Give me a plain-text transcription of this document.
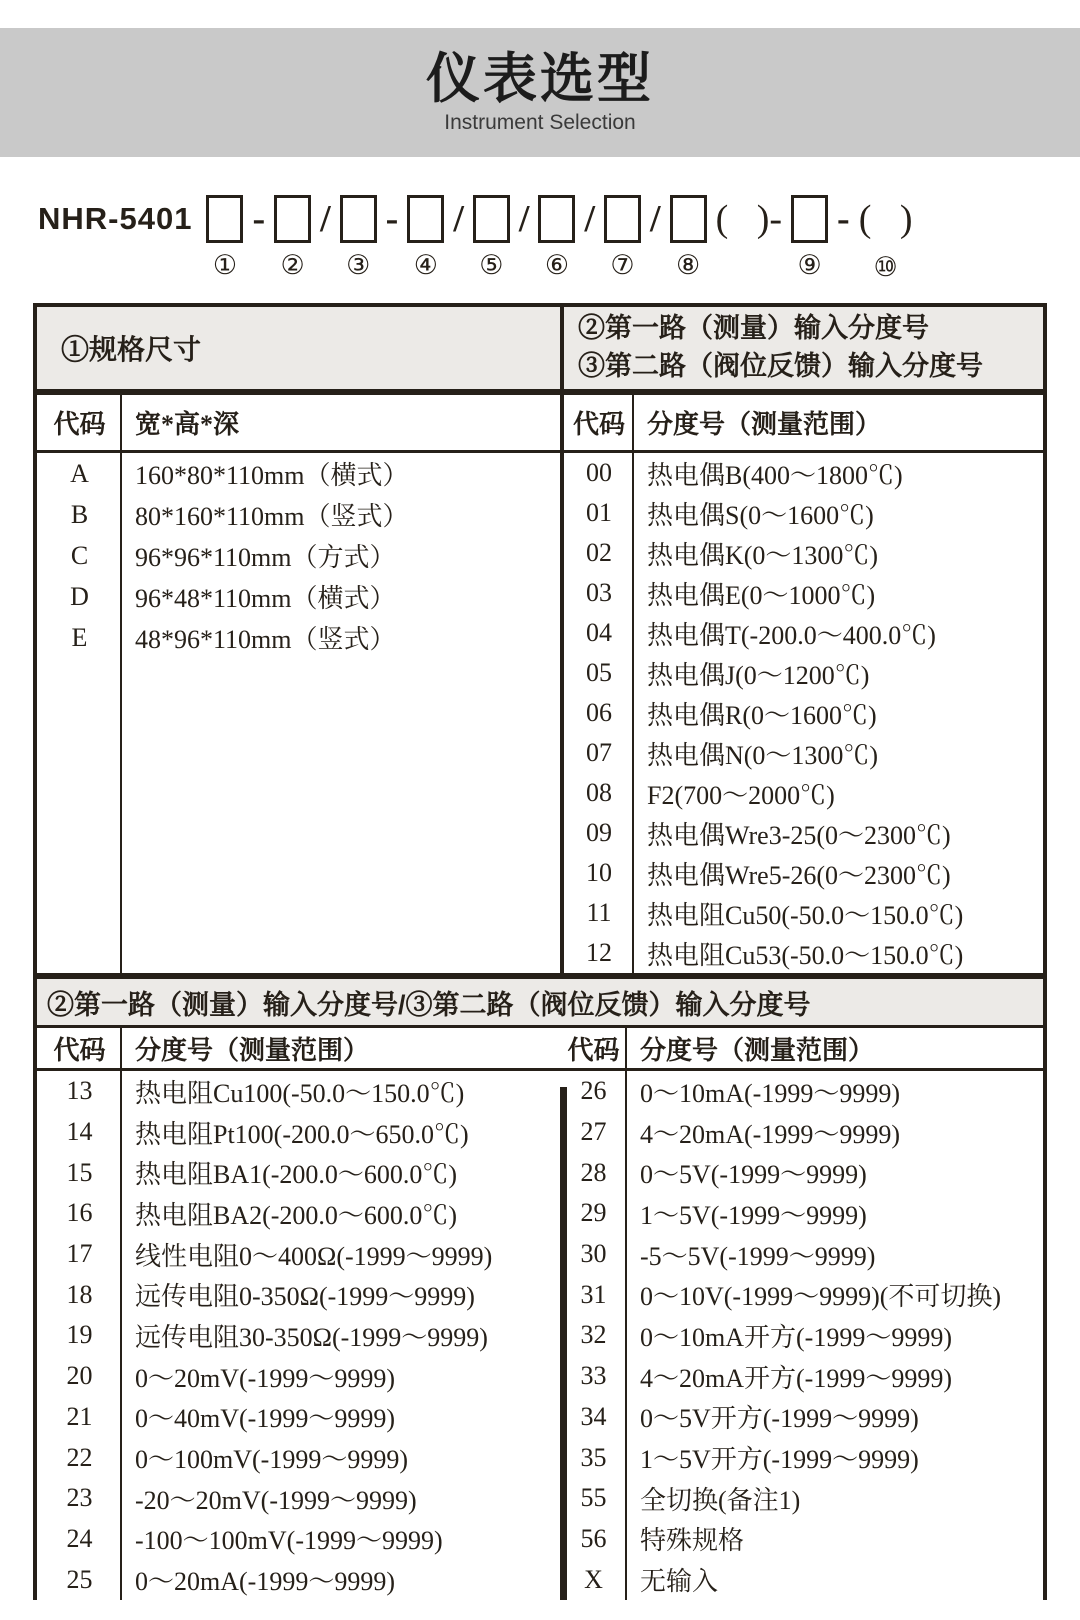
仪表选型
Instrument Selection
NHR-5401
①
-
②
/
③
-
④
/
⑤
/
⑥
/
⑦
/
⑧
(   )-
⑨
- (   )
⑩
①规格尺寸
②第一路（测量）输入分度号
③第二路（阀位反馈）输入分度号
代码	宽*高*深	代码 分度号（测量范围）
A	160*80*110mm（横式）
B	80*160*110mm（竖式）
C	96*96*110mm（方式）
D	96*48*110mm（横式）
E	48*96*110mm（竖式）
00	热电偶B(400～1800℃)
01	热电偶S(0～1600℃)
02	热电偶K(0～1300℃)
03	热电偶E(0～1000℃)
04	热电偶T(-200.0～400.0℃)
05	热电偶J(0～1200℃)
06	热电偶R(0～1600℃)
07	热电偶N(0～1300℃)
08	F2(700～2000℃)
09	热电偶Wre3-25(0～2300℃)
10	热电偶Wre5-26(0～2300℃)
11	热电阻Cu50(-50.0～150.0℃)
12	热电阻Cu53(-50.0～150.0℃)
②第一路（测量）输入分度号/③第二路（阀位反馈）输入分度号
代码	分度号（测量范围）	代码 分度号（测量范围）
13	热电阻Cu100(-50.0～150.0℃)
14	热电阻Pt100(-200.0～650.0℃)
15	热电阻BA1(-200.0～600.0℃)
16	热电阻BA2(-200.0～600.0℃)
17	线性电阻0～400Ω(-1999～9999)
18	远传电阻0-350Ω(-1999～9999)
19	远传电阻30-350Ω(-1999～9999)
20	0～20mV(-1999～9999)
21	0～40mV(-1999～9999)
22	0～100mV(-1999～9999)
23	-20～20mV(-1999～9999)
24	-100～100mV(-1999～9999)
25	0～20mA(-1999～9999)
26	0～10mA(-1999～9999)
27	4～20mA(-1999～9999)
28	0～5V(-1999～9999)
29	1～5V(-1999～9999)
30	-5～5V(-1999～9999)
31	0～10V(-1999～9999)(不可切换)
32	0～10mA开方(-1999～9999)
33	4～20mA开方(-1999～9999)
34	0～5V开方(-1999～9999)
35	1～5V开方(-1999～9999)
55	全切换(备注1)
56	特殊规格
X	无输入
